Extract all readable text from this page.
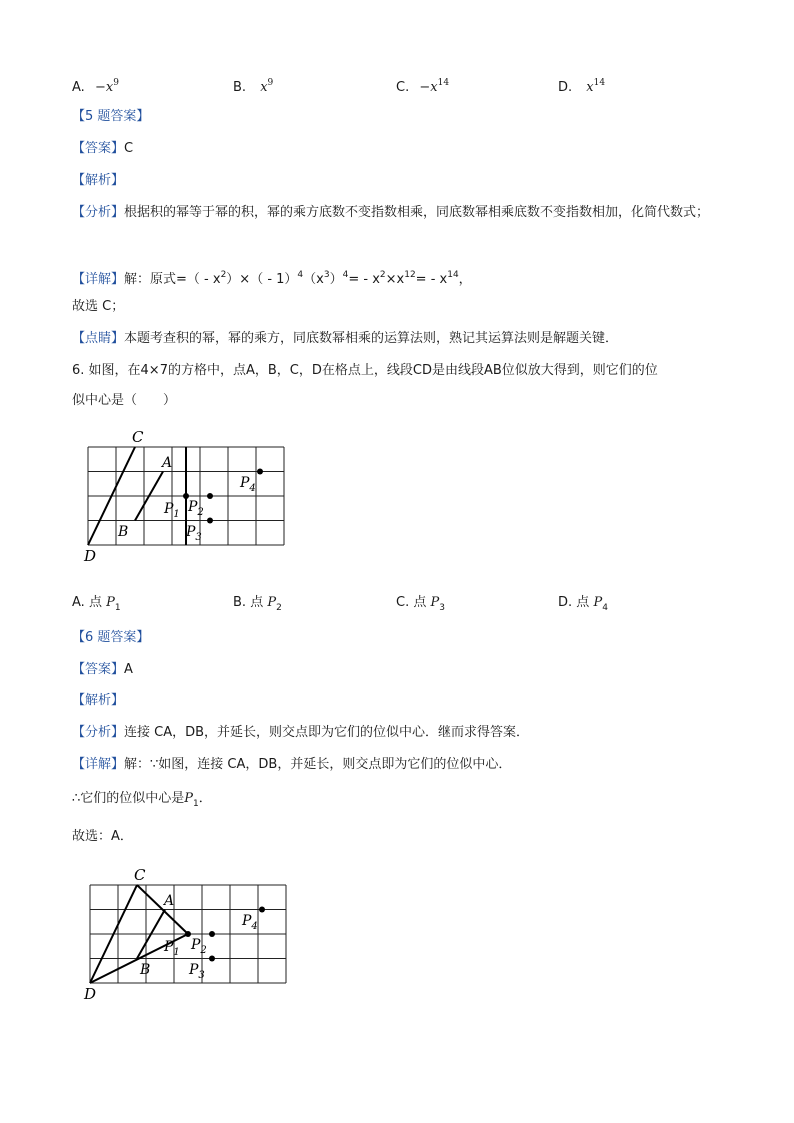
A. $-x^9$	B. $x^9$	C. $-x^{14}$	D. $x^{14}$
【5 题答案】
【答案】C
【解析】
【分析】根据积的幂等于幂的积，幂的乘方底数不变指数相乘，同底数幂相乘底数不变指数相加，化简代数式；
【详解】解：原式=（ - $x^2)\times( - 1)^4(x^3)^4= - x^2\times x^{12}= - x^{14}$，
故选 C；
【点睛】本题考查积的幂，幂的乘方，同底数幂相乘的运算法则，熟记其运算法则是解题关键．
6. 如图，在4×7的方格中，点A，B，C，D在格点上，线段CD是由线段AB位似放大得到，则它们的位
似中心是（　　）
C
A
B
D
$P_1$ $P_2$
$P_3$
$P_4$
A. 点 $P_1$	B. 点 $P_2$	C. 点 $P_3$	D. 点 $P_4$
【6 题答案】
【答案】A
【解析】
【分析】连接 CA，DB，并延长，则交点即为它们的位似中心．继而求得答案．
【详解】解：∵如图，连接 CA，DB，并延长，则交点即为它们的位似中心．
∴它们的位似中心是$P_1$．
故选：A．
C
A
B
D
$P_1$ $P_2$
$P_3$
$P_4$
